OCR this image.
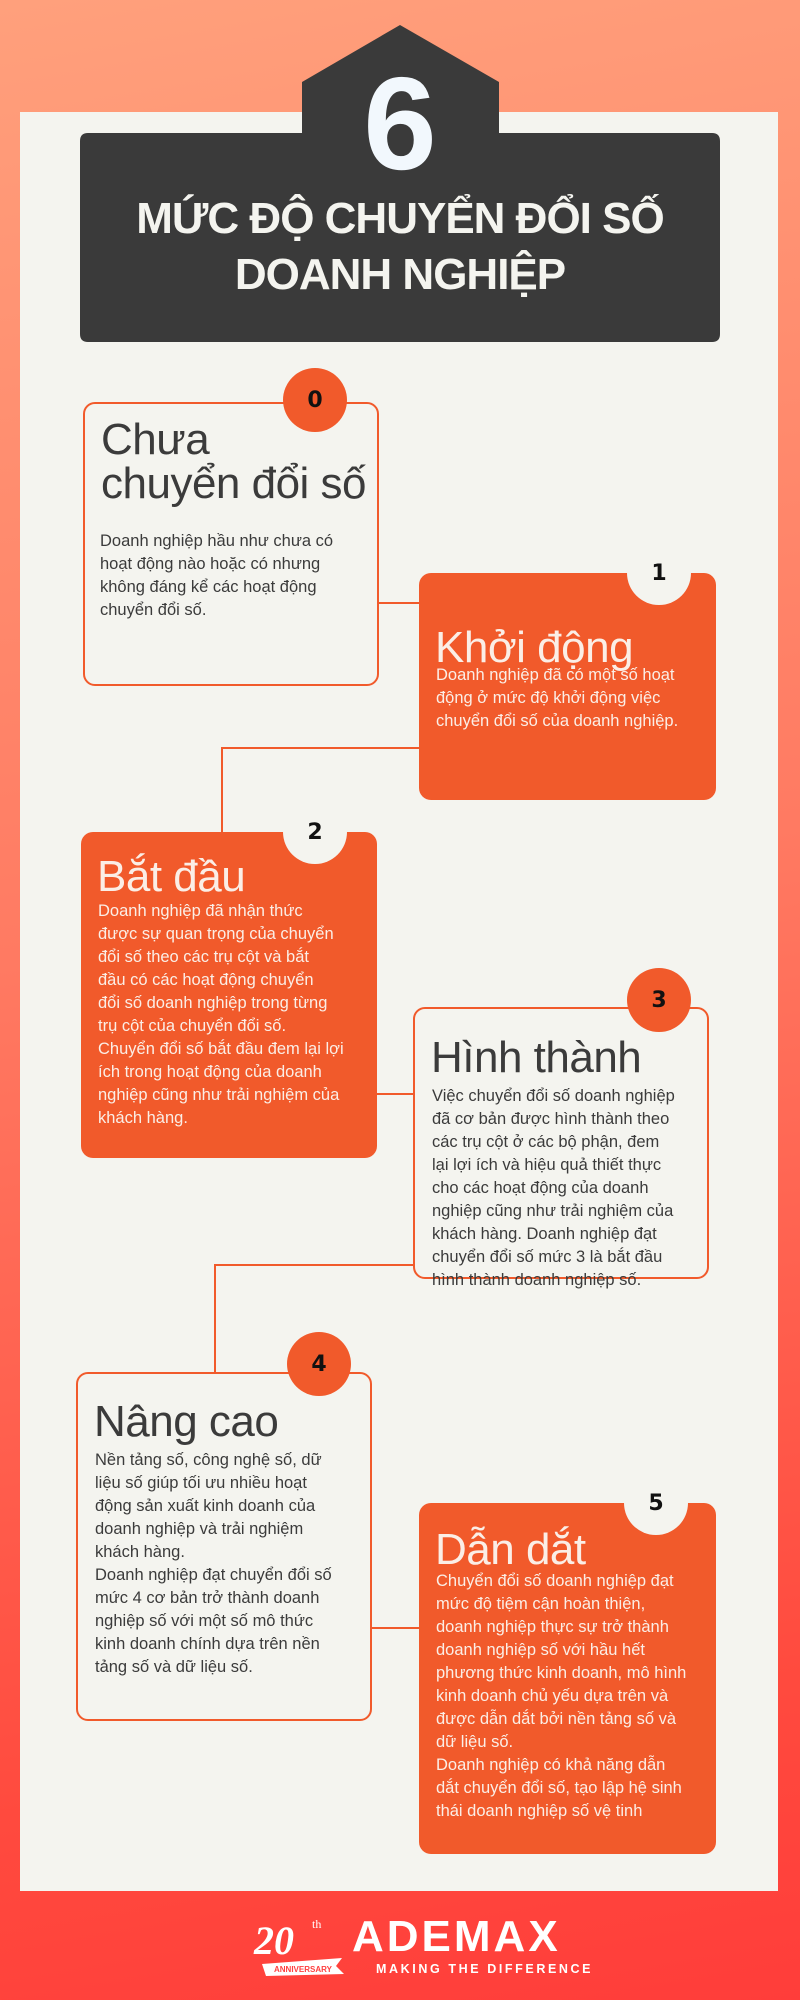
6
MỨC ĐỘ CHUYỂN ĐỔI SỐ
DOANH NGHIỆP
Chưa
chuyển đổi số
Doanh nghiệp hầu như chưa có
hoạt động nào hoặc có nhưng
không đáng kể các hoạt động
chuyển đổi số.
0
Khởi động
Doanh nghiệp đã có một số hoạt
động ở mức độ khởi động việc
chuyển đổi số của doanh nghiệp.
1
Bắt đầu
Doanh nghiệp đã nhận thức
được sự quan trọng của chuyển
đổi số theo các trụ cột và bắt
đầu có các hoạt động chuyển
đổi số doanh nghiệp trong từng
trụ cột của chuyển đổi số.
Chuyển đổi số bắt đầu đem lại lợi
ích trong hoạt động của doanh
nghiệp cũng như trải nghiệm của
khách hàng.
2
Hình thành
Việc chuyển đổi số doanh nghiệp
đã cơ bản được hình thành theo
các trụ cột ở các bộ phận, đem
lại lợi ích và hiệu quả thiết thực
cho các hoạt động của doanh
nghiệp cũng như trải nghiệm của
khách hàng. Doanh nghiệp đạt
chuyển đổi số mức 3 là bắt đầu
hình thành doanh nghiệp số.
3
Nâng cao
Nền tảng số, công nghệ số, dữ
liệu số giúp tối ưu nhiều hoạt
động sản xuất kinh doanh của
doanh nghiệp và trải nghiệm
khách hàng.
Doanh nghiệp đạt chuyển đổi số
mức 4 cơ bản trở thành doanh
nghiệp số với một số mô thức
kinh doanh chính dựa trên nền
tảng số và dữ liệu số.
4
Dẫn dắt
Chuyển đổi số doanh nghiệp đạt
mức độ tiệm cận hoàn thiện,
doanh nghiệp thực sự trở thành
doanh nghiệp số với hầu hết
phương thức kinh doanh, mô hình
kinh doanh chủ yếu dựa trên và
được dẫn dắt bởi nền tảng số và
dữ liệu số.
Doanh nghiệp có khả năng dẫn
dắt chuyển đổi số, tạo lập hệ sinh
thái doanh nghiệp số vệ tinh
5
20 th
ANNIVERSARY
ADEMAX
MAKING THE DIFFERENCE
